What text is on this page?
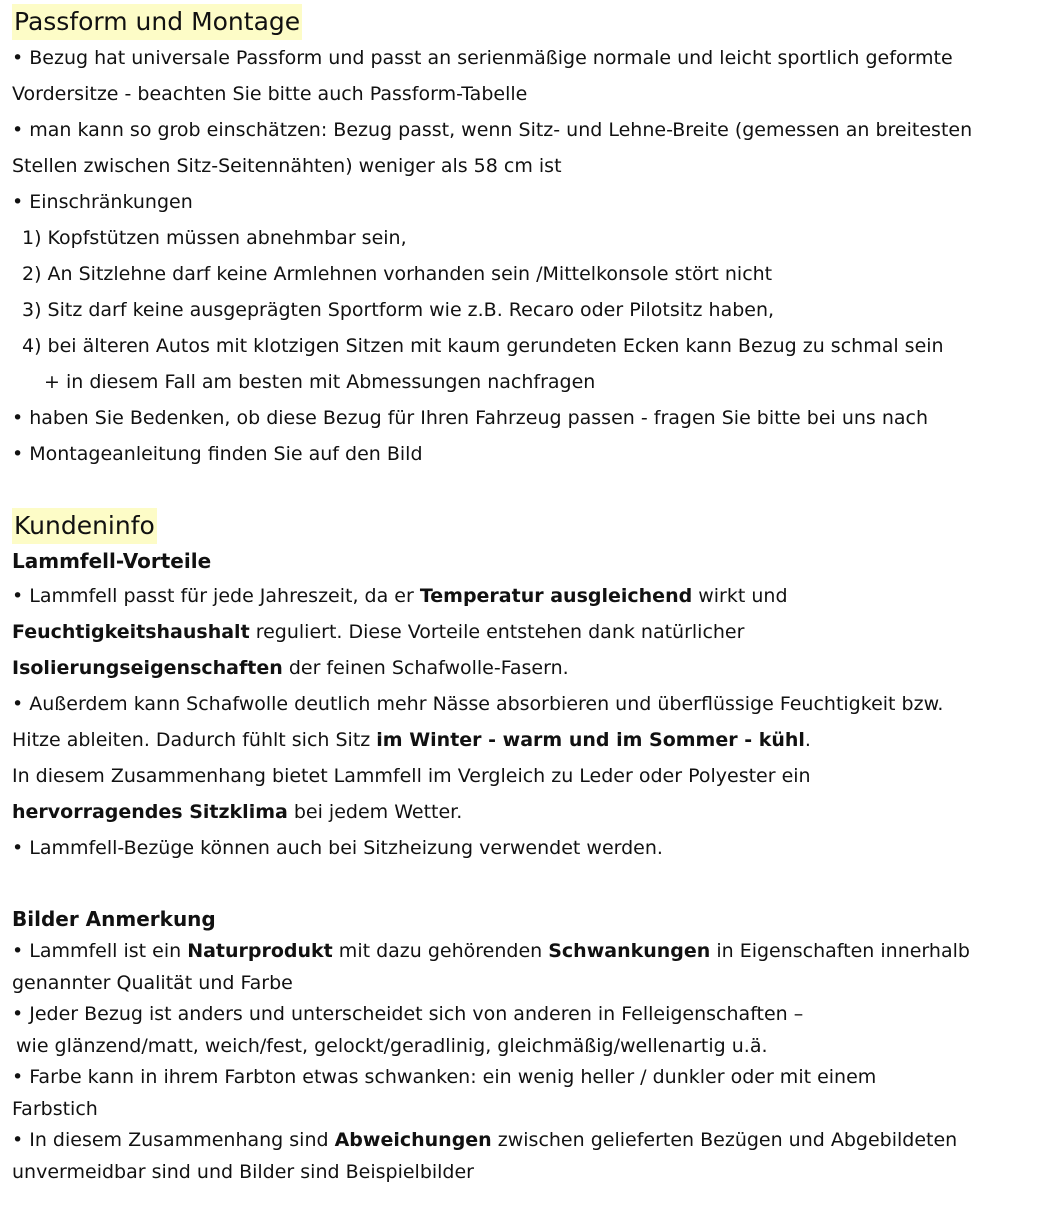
Passform und Montage
• Bezug hat universale Passform und passt an serienmäßige normale und leicht sportlich geformte
Vordersitze - beachten Sie bitte auch Passform-Tabelle
• man kann so grob einschätzen: Bezug passt, wenn Sitz- und Lehne-Breite (gemessen an breitesten
Stellen zwischen Sitz-Seitennähten) weniger als 58 cm ist
• Einschränkungen
1) Kopfstützen müssen abnehmbar sein,
2) An Sitzlehne darf keine Armlehnen vorhanden sein /Mittelkonsole stört nicht
3) Sitz darf keine ausgeprägten Sportform wie z.B. Recaro oder Pilotsitz haben,
4) bei älteren Autos mit klotzigen Sitzen mit kaum gerundeten Ecken kann Bezug zu schmal sein
+ in diesem Fall am besten mit Abmessungen nachfragen
• haben Sie Bedenken, ob diese Bezug für Ihren Fahrzeug passen - fragen Sie bitte bei uns nach
• Montageanleitung finden Sie auf den Bild
Kundeninfo
Lammfell-Vorteile
• Lammfell passt für jede Jahreszeit, da er Temperatur ausgleichend wirkt und
Feuchtigkeitshaushalt reguliert. Diese Vorteile entstehen dank natürlicher
Isolierungseigenschaften der feinen Schafwolle-Fasern.
• Außerdem kann Schafwolle deutlich mehr Nässe absorbieren und überflüssige Feuchtigkeit bzw.
Hitze ableiten. Dadurch fühlt sich Sitz im Winter - warm und im Sommer - kühl.
In diesem Zusammenhang bietet Lammfell im Vergleich zu Leder oder Polyester ein
hervorragendes Sitzklima bei jedem Wetter.
• Lammfell-Bezüge können auch bei Sitzheizung verwendet werden.
Bilder Anmerkung
• Lammfell ist ein Naturprodukt mit dazu gehörenden Schwankungen in Eigenschaften innerhalb
genannter Qualität und Farbe
• Jeder Bezug ist anders und unterscheidet sich von anderen in Felleigenschaften –
wie glänzend/matt, weich/fest, gelockt/geradlinig, gleichmäßig/wellenartig u.ä.
• Farbe kann in ihrem Farbton etwas schwanken: ein wenig heller / dunkler oder mit einem
Farbstich
• In diesem Zusammenhang sind Abweichungen zwischen gelieferten Bezügen und Abgebildeten
unvermeidbar sind und Bilder sind Beispielbilder
